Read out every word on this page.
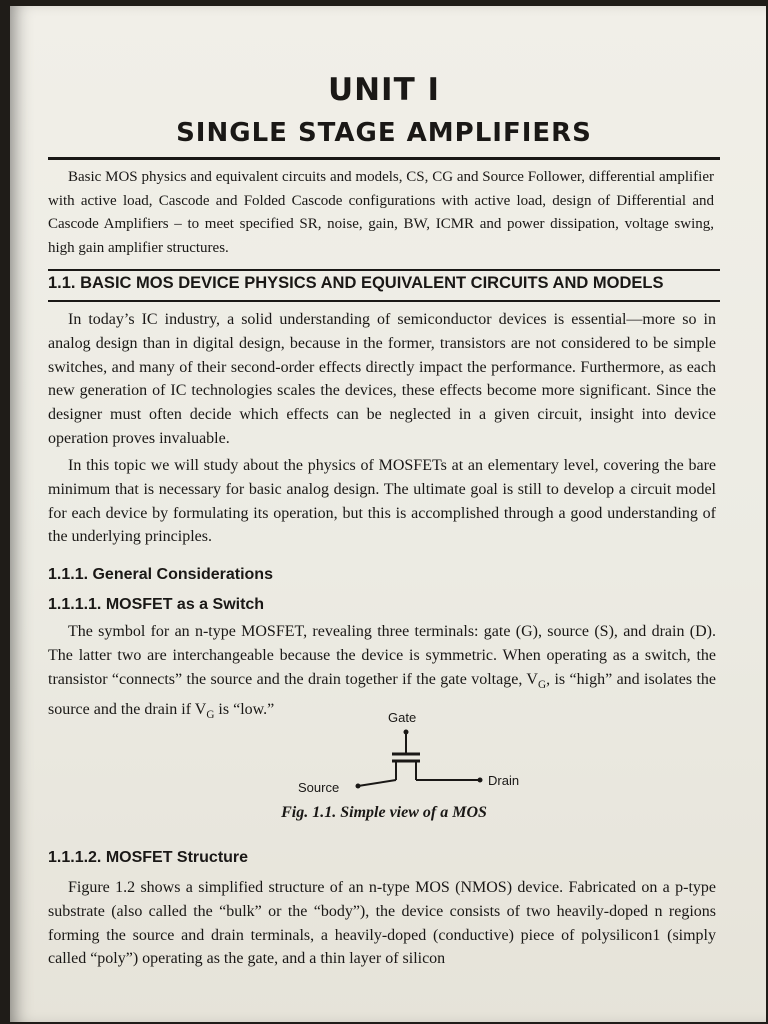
UNIT I
SINGLE STAGE AMPLIFIERS
Basic MOS physics and equivalent circuits and models, CS, CG and Source Follower, differential amplifier with active load, Cascode and Folded Cascode configurations with active load, design of Differential and Cascode Amplifiers – to meet specified SR, noise, gain, BW, ICMR and power dissipation, voltage swing, high gain amplifier structures.
1.1. BASIC MOS DEVICE PHYSICS AND EQUIVALENT CIRCUITS AND MODELS
In today’s IC industry, a solid understanding of semiconductor devices is essential—more so in analog design than in digital design, because in the former, transistors are not considered to be simple switches, and many of their second-order effects directly impact the performance. Furthermore, as each new generation of IC technologies scales the devices, these effects become more significant. Since the designer must often decide which effects can be neglected in a given circuit, insight into device operation proves invaluable.
In this topic we will study about the physics of MOSFETs at an elementary level, covering the bare minimum that is necessary for basic analog design. The ultimate goal is still to develop a circuit model for each device by formulating its operation, but this is accomplished through a good understanding of the underlying principles.
1.1.1. General Considerations
1.1.1.1. MOSFET as a Switch
The symbol for an n-type MOSFET, revealing three terminals: gate (G), source (S), and drain (D). The latter two are interchangeable because the device is symmetric. When operating as a switch, the transistor “connects” the source and the drain together if the gate voltage, $V_G$, is “high” and isolates the source and the drain if $V_G$ is “low.”	Gate
Source	Drain
Fig. 1.1. Simple view of a MOS
1.1.1.2. MOSFET Structure
Figure 1.2 shows a simplified structure of an n-type MOS (NMOS) device. Fabricated on a p-type substrate (also called the “bulk” or the “body”), the device consists of two heavily-doped n regions forming the source and drain terminals, a heavily-doped (conductive) piece of polysilicon1 (simply called “poly”) operating as the gate, and a thin layer of silicon
